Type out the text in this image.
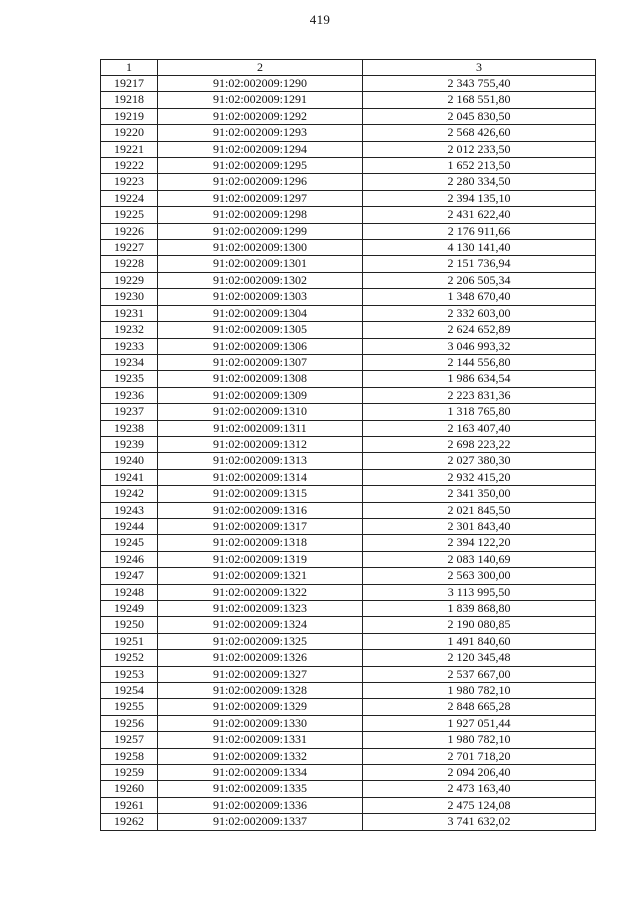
419
1	2	3
19217	91:02:002009:1290	2 343 755,40
19218	91:02:002009:1291	2 168 551,80
19219	91:02:002009:1292	2 045 830,50
19220	91:02:002009:1293	2 568 426,60
19221	91:02:002009:1294	2 012 233,50
19222	91:02:002009:1295	1 652 213,50
19223	91:02:002009:1296	2 280 334,50
19224	91:02:002009:1297	2 394 135,10
19225	91:02:002009:1298	2 431 622,40
19226	91:02:002009:1299	2 176 911,66
19227	91:02:002009:1300	4 130 141,40
19228	91:02:002009:1301	2 151 736,94
19229	91:02:002009:1302	2 206 505,34
19230	91:02:002009:1303	1 348 670,40
19231	91:02:002009:1304	2 332 603,00
19232	91:02:002009:1305	2 624 652,89
19233	91:02:002009:1306	3 046 993,32
19234	91:02:002009:1307	2 144 556,80
19235	91:02:002009:1308	1 986 634,54
19236	91:02:002009:1309	2 223 831,36
19237	91:02:002009:1310	1 318 765,80
19238	91:02:002009:1311	2 163 407,40
19239	91:02:002009:1312	2 698 223,22
19240	91:02:002009:1313	2 027 380,30
19241	91:02:002009:1314	2 932 415,20
19242	91:02:002009:1315	2 341 350,00
19243	91:02:002009:1316	2 021 845,50
19244	91:02:002009:1317	2 301 843,40
19245	91:02:002009:1318	2 394 122,20
19246	91:02:002009:1319	2 083 140,69
19247	91:02:002009:1321	2 563 300,00
19248	91:02:002009:1322	3 113 995,50
19249	91:02:002009:1323	1 839 868,80
19250	91:02:002009:1324	2 190 080,85
19251	91:02:002009:1325	1 491 840,60
19252	91:02:002009:1326	2 120 345,48
19253	91:02:002009:1327	2 537 667,00
19254	91:02:002009:1328	1 980 782,10
19255	91:02:002009:1329	2 848 665,28
19256	91:02:002009:1330	1 927 051,44
19257	91:02:002009:1331	1 980 782,10
19258	91:02:002009:1332	2 701 718,20
19259	91:02:002009:1334	2 094 206,40
19260	91:02:002009:1335	2 473 163,40
19261	91:02:002009:1336	2 475 124,08
19262	91:02:002009:1337	3 741 632,02
